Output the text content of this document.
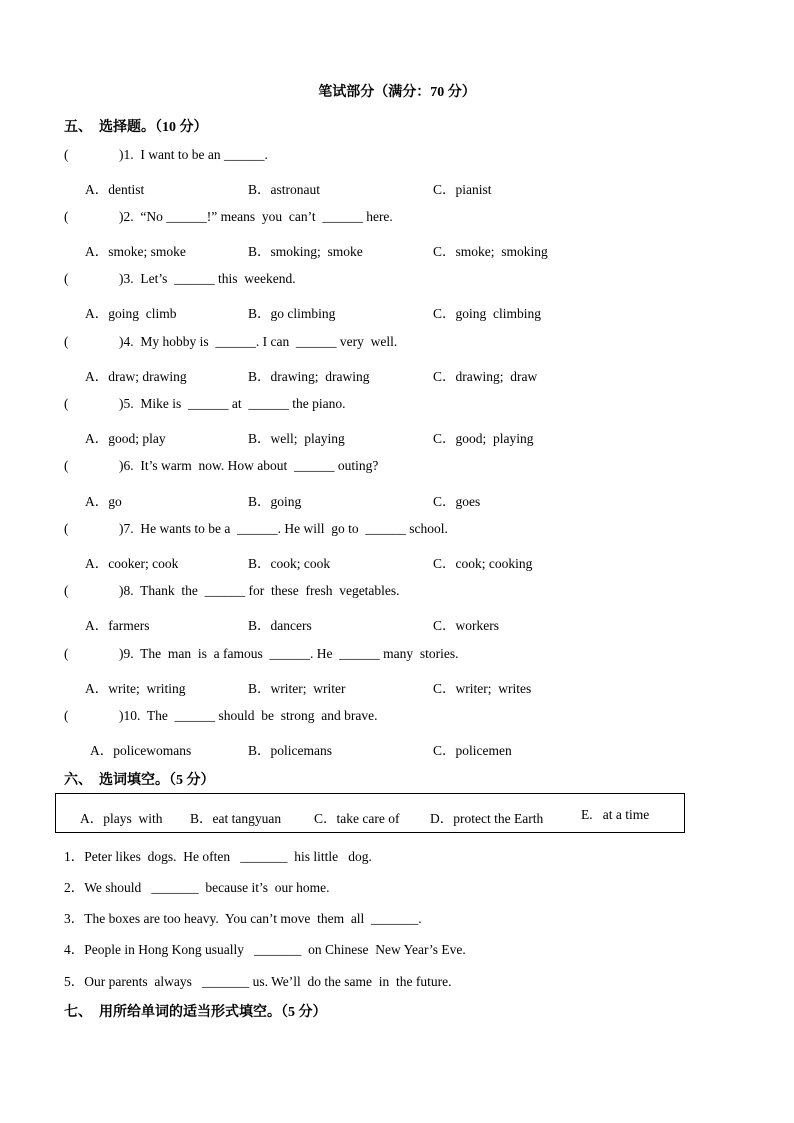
笔试部分（满分：70 分）
五、  选择题。（10 分）
(	)1.  I want to be an ______.
A．dentist	B．astronaut	C．pianist
(	)2.  “No ______!” means  you  can’t  ______ here.
A．smoke; smoke	B．smoking;  smoke	C．smoke;  smoking
(	)3.  Let’s  ______ this  weekend.
A．going  climb	B．go climbing	C．going  climbing
(	)4.  My hobby is  ______. I can  ______ very  well.
A．draw; drawing	B．drawing;  drawing	C．drawing;  draw
(	)5.  Mike is  ______ at  ______ the piano.
A．good; play	B．well;  playing	C．good;  playing
(	)6.  It’s warm  now. How about  ______ outing?
A．go	B．going	C．goes
(	)7.  He wants to be a  ______. He will  go to  ______ school.
A．cooker; cook	B．cook; cook	C．cook; cooking
(	)8.  Thank  the  ______ for  these  fresh  vegetables.
A．farmers	B．dancers	C．workers
(	)9.  The  man  is  a famous  ______. He  ______ many  stories.
A．write;  writing	B．writer;  writer	C．writer;  writes
(	)10.  The  ______ should  be  strong  and brave.
A．policewomans	B．policemans	C．policemen
六、  选词填空。（5 分）
A．plays  with B．eat tangyuan C．take care of D．protect the Earth	E.   at a time
1．Peter likes  dogs.  He often   _______  his little   dog.
2．We should   _______  because it’s  our home.
3．The boxes are too heavy.  You can’t move  them  all  _______.
4．People in Hong Kong usually   _______  on Chinese  New Year’s Eve.
5．Our parents  always   _______ us. We’ll  do the same  in  the future.
七、  用所给单词的适当形式填空。（5 分）
